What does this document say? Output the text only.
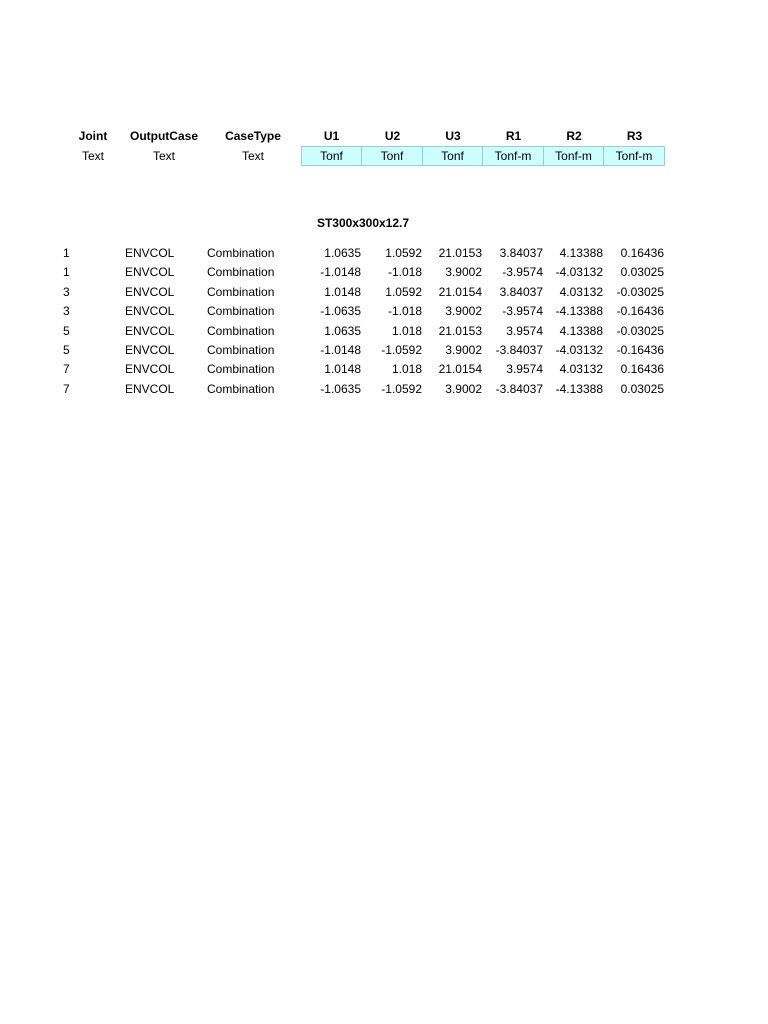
Joint	OutputCase	CaseType	U1	U2	U3	R1	R2	R3
Text	Text	Text	Tonf	Tonf	Tonf	Tonf-m	Tonf-m	Tonf-m
ST300x300x12.7
1	ENVCOL	Combination	1.0635	1.0592	21.0153	3.84037	4.13388	0.16436
1	ENVCOL	Combination	-1.0148	-1.018	3.9002	-3.9574	-4.03132	0.03025
3	ENVCOL	Combination	1.0148	1.0592	21.0154	3.84037	4.03132	-0.03025
3	ENVCOL	Combination	-1.0635	-1.018	3.9002	-3.9574	-4.13388	-0.16436
5	ENVCOL	Combination	1.0635	1.018	21.0153	3.9574	4.13388	-0.03025
5	ENVCOL	Combination	-1.0148	-1.0592	3.9002	-3.84037	-4.03132	-0.16436
7	ENVCOL	Combination	1.0148	1.018	21.0154	3.9574	4.03132	0.16436
7	ENVCOL	Combination	-1.0635	-1.0592	3.9002	-3.84037	-4.13388	0.03025
